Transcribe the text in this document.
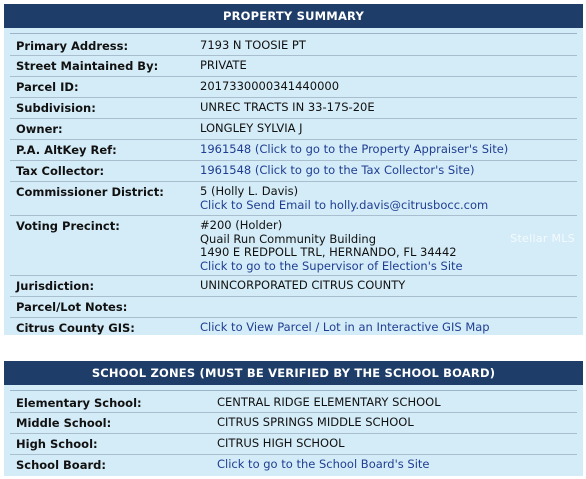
PROPERTY SUMMARY
Primary Address:	7193 N TOOSIE PT
Street Maintained By:	PRIVATE
Parcel ID:	2017330000341440000
Subdivision:	UNREC TRACTS IN 33-17S-20E
Owner:	LONGLEY SYLVIA J
P.A. AltKey Ref:	1961548 (Click to go to the Property Appraiser's Site)
Tax Collector:	1961548 (Click to go to the Tax Collector's Site)
Commissioner District:	5 (Holly L. Davis)
Click to Send Email to holly.davis@citrusbocc.com
Voting Precinct:	#200 (Holder)
Quail Run Community Building
1490 E REDPOLL TRL, HERNANDO, FL 34442
Click to go to the Supervisor of Election's Site
Jurisdiction:	UNINCORPORATED CITRUS COUNTY
Parcel/Lot Notes:
Citrus County GIS:	Click to View Parcel / Lot in an Interactive GIS Map
Stellar MLS
SCHOOL ZONES (MUST BE VERIFIED BY THE SCHOOL BOARD)
Elementary School:	CENTRAL RIDGE ELEMENTARY SCHOOL
Middle School:	CITRUS SPRINGS MIDDLE SCHOOL
High School:	CITRUS HIGH SCHOOL
School Board:	Click to go to the School Board's Site
